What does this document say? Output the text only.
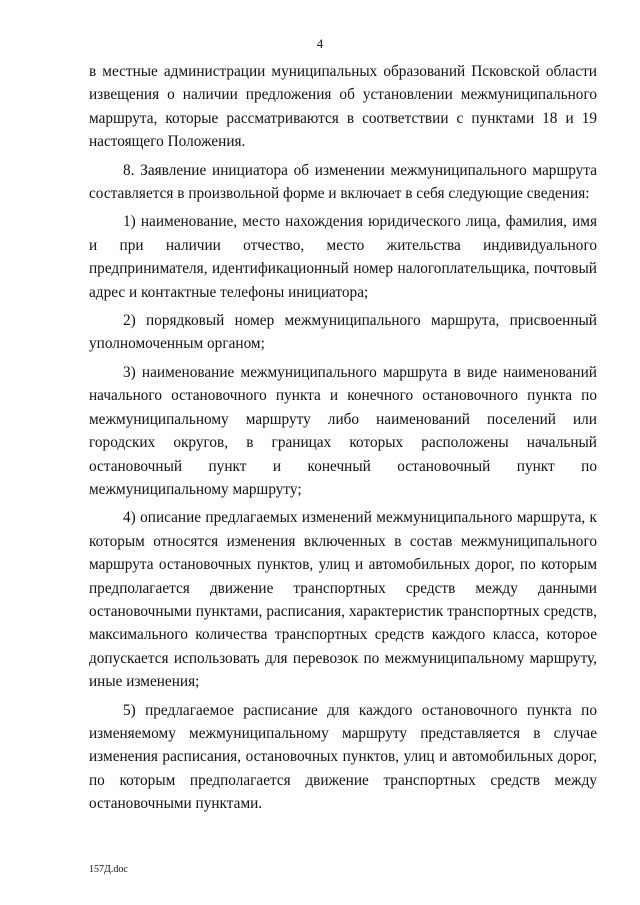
4

в местные администрации муниципальных образований Псковской области извещения о наличии предложения об установлении межмуниципального маршрута, которые рассматриваются в соответствии с пунктами 18 и 19 настоящего Положения.

8. Заявление инициатора об изменении межмуниципального маршрута составляется в произвольной форме и включает в себя следующие сведения:

1) наименование, место нахождения юридического лица, фамилия, имя и при наличии отчество, место жительства индивидуального предпринимателя, идентификационный номер налогоплательщика, почтовый адрес и контактные телефоны инициатора;

2) порядковый номер межмуниципального маршрута, присвоенный уполномоченным органом;

3) наименование межмуниципального маршрута в виде наименований начального остановочного пункта и конечного остановочного пункта по межмуниципальному маршруту либо наименований поселений или городских округов, в границах которых расположены начальный остановочный пункт и конечный остановочный пункт по межмуниципальному маршруту;

4) описание предлагаемых изменений межмуниципального маршрута, к которым относятся изменения включенных в состав межмуниципального маршрута остановочных пунктов, улиц и автомобильных дорог, по которым предполагается движение транспортных средств между данными остановочными пунктами, расписания, характеристик транспортных средств, максимального количества транспортных средств каждого класса, которое допускается использовать для перевозок по межмуниципальному маршруту, иные изменения;

5) предлагаемое расписание для каждого остановочного пункта по изменяемому межмуниципальному маршруту представляется в случае изменения расписания, остановочных пунктов, улиц и автомобильных дорог, по которым предполагается движение транспортных средств между остановочными пунктами.

157Д.doc
